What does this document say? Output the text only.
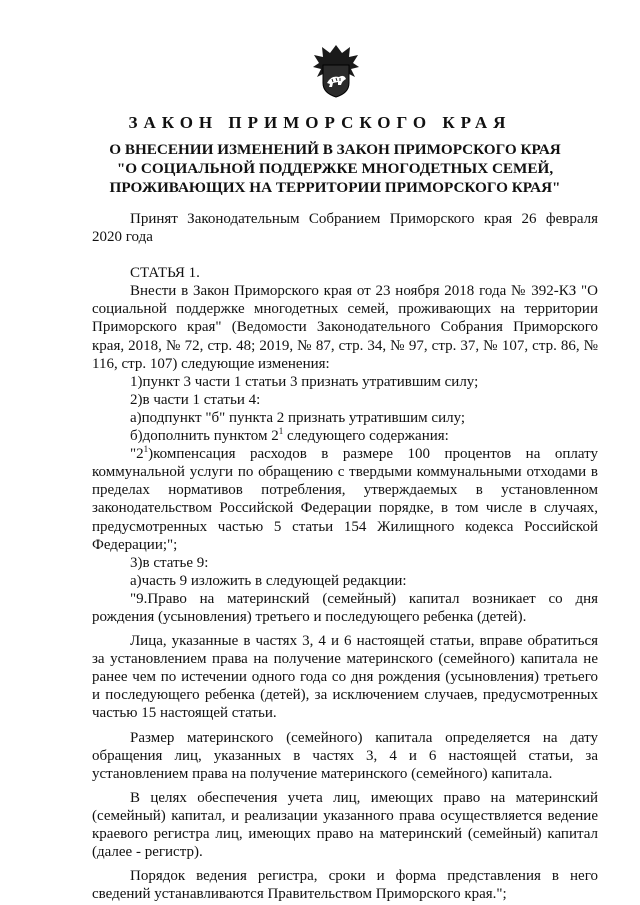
ЗАКОН ПРИМОРСКОГО КРАЯ
О ВНЕСЕНИИ ИЗМЕНЕНИЙ В ЗАКОН ПРИМОРСКОГО КРАЯ
"О СОЦИАЛЬНОЙ ПОДДЕРЖКЕ МНОГОДЕТНЫХ СЕМЕЙ,
ПРОЖИВАЮЩИХ НА ТЕРРИТОРИИ ПРИМОРСКОГО КРАЯ"

Принят Законодательным Собранием Приморского края 26 февраля 2020 года

СТАТЬЯ 1.

Внести в Закон Приморского края от 23 ноября 2018 года № 392-КЗ "О социальной поддержке многодетных семей, проживающих на территории Приморского края" (Ведомости Законодательного Собрания Приморского края, 2018, № 72, стр. 48; 2019, № 87, стр. 34, № 97, стр. 37, № 107, стр. 86, № 116, стр. 107) следующие изменения:

1)пункт 3 части 1 статьи 3 признать утратившим силу;

2)в части 1 статьи 4:

а)подпункт "б" пункта 2 признать утратившим силу;

б)дополнить пунктом $2^1$ следующего содержания:

"$2^1)компенсация$ расходов в размере 100 процентов на оплату коммунальной услуги по обращению с твердыми коммунальными отходами в пределах нормативов потребления, утверждаемых в установленном законодательством Российской Федерации порядке, в том числе в случаях, предусмотренных частью 5 статьи 154 Жилищного кодекса Российской Федерации;";

3)в статье 9:

а)часть 9 изложить в следующей редакции:

"9.Право на материнский (семейный) капитал возникает со дня рождения (усыновления) третьего и последующего ребенка (детей).

Лица, указанные в частях 3, 4 и 6 настоящей статьи, вправе обратиться за установлением права на получение материнского (семейного) капитала не ранее чем по истечении одного года со дня рождения (усыновления) третьего и последующего ребенка (детей), за исключением случаев, предусмотренных частью 15 настоящей статьи.

Размер материнского (семейного) капитала определяется на дату обращения лиц, указанных в частях 3, 4 и 6 настоящей статьи, за установлением права на получение материнского (семейного) капитала.

В целях обеспечения учета лиц, имеющих право на материнский (семейный) капитал, и реализации указанного права осуществляется ведение краевого регистра лиц, имеющих право на материнский (семейный) капитал (далее - регистр).

Порядок ведения регистра, сроки и форма представления в него сведений устанавливаются Правительством Приморского края.";
